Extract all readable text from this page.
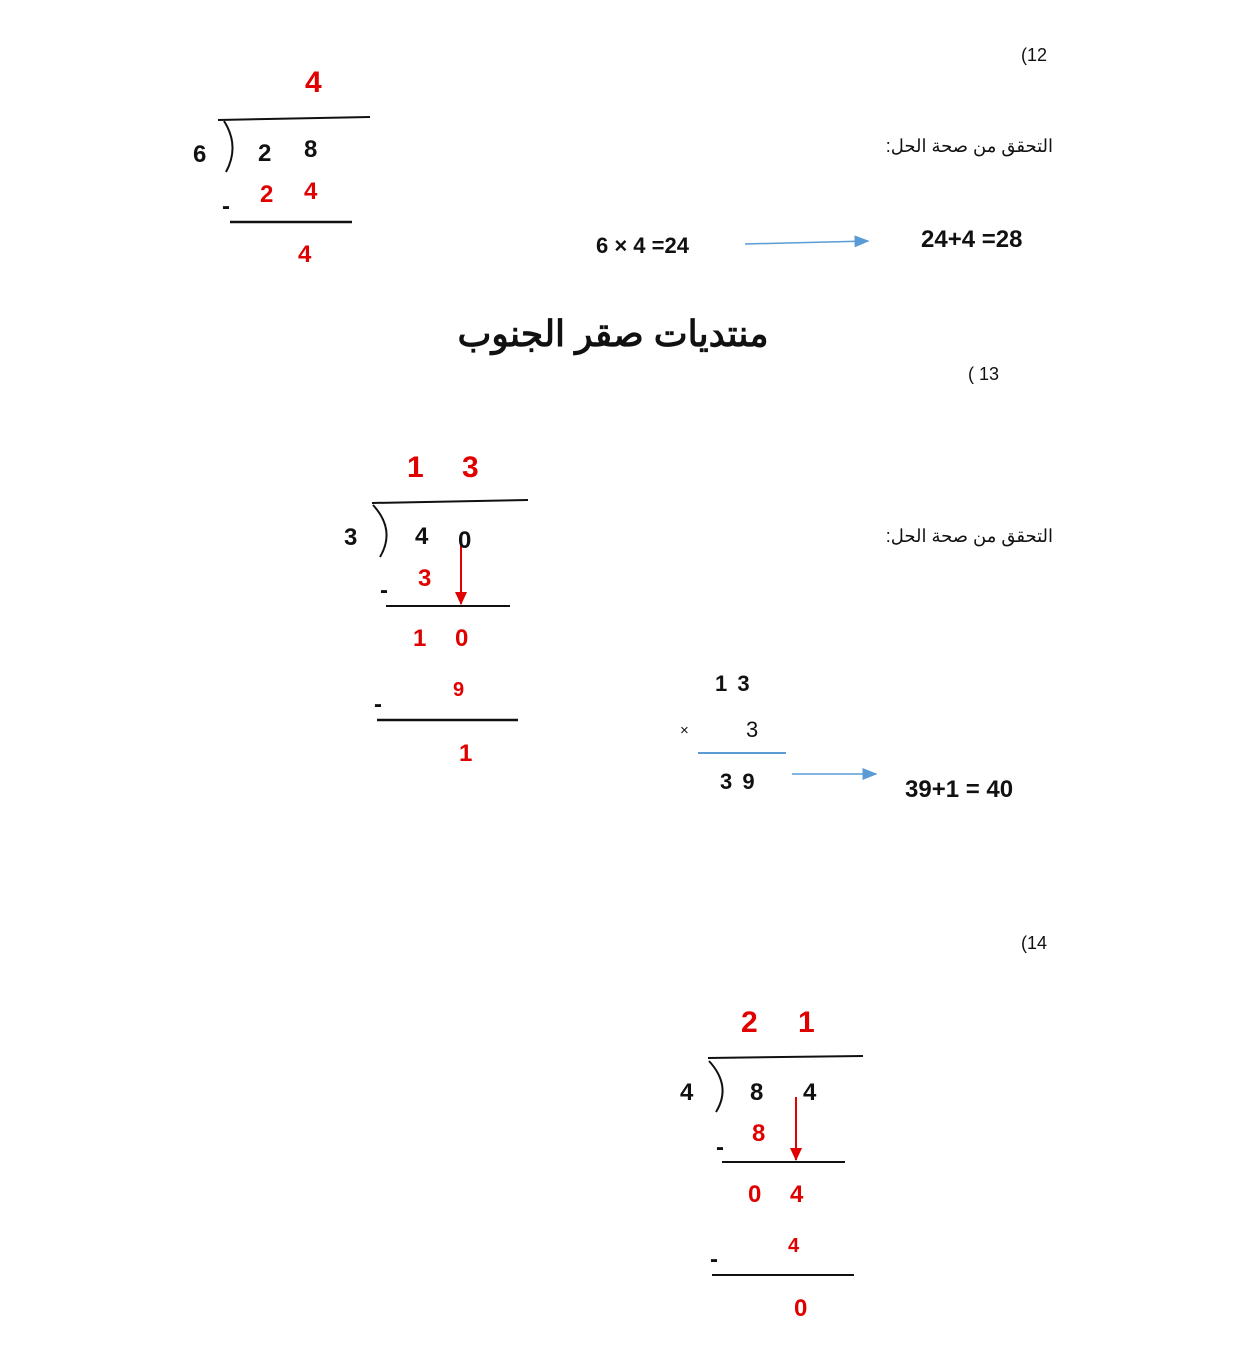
(12
4
6 2 8
2 4
-
4
التحقق من صحة الحل:
6 × 4 =24	24+4 =28
منتديات صقر الجنوب
( 13
1 3
3 4 0
3
-
1 0
9
-
1
التحقق من صحة الحل:
1 3
×	3
3 9	39+1 = 40
(14
2 1
4 8 4
8
-
0 4
4
-
0
